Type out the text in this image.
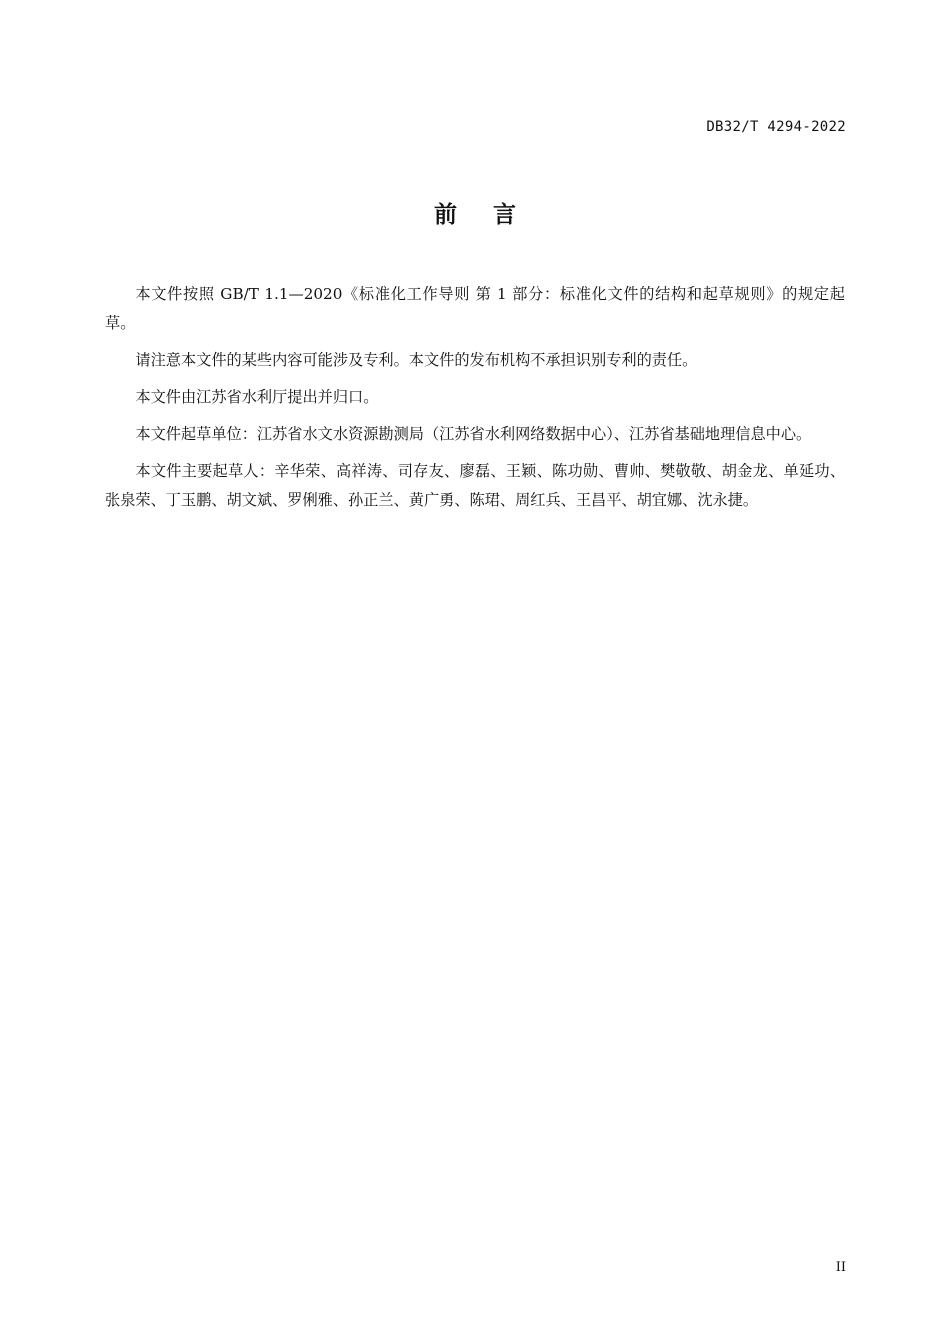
DB32/T 4294-2022
前言

本文件按照 GB/T 1.1—2020《标准化工作导则 第 1 部分：标准化文件的结构和起草规则》的规定起草。

请注意本文件的某些内容可能涉及专利。本文件的发布机构不承担识别专利的责任。

本文件由江苏省水利厅提出并归口。

本文件起草单位：江苏省水文水资源勘测局（江苏省水利网络数据中心）、江苏省基础地理信息中心。

本文件主要起草人：辛华荣、高祥涛、司存友、廖磊、王颖、陈功勋、曹帅、樊敬敬、胡金龙、单延功、张泉荣、丁玉鹏、胡文斌、罗俐雅、孙正兰、黄广勇、陈珺、周红兵、王昌平、胡宜娜、沈永捷。

II
